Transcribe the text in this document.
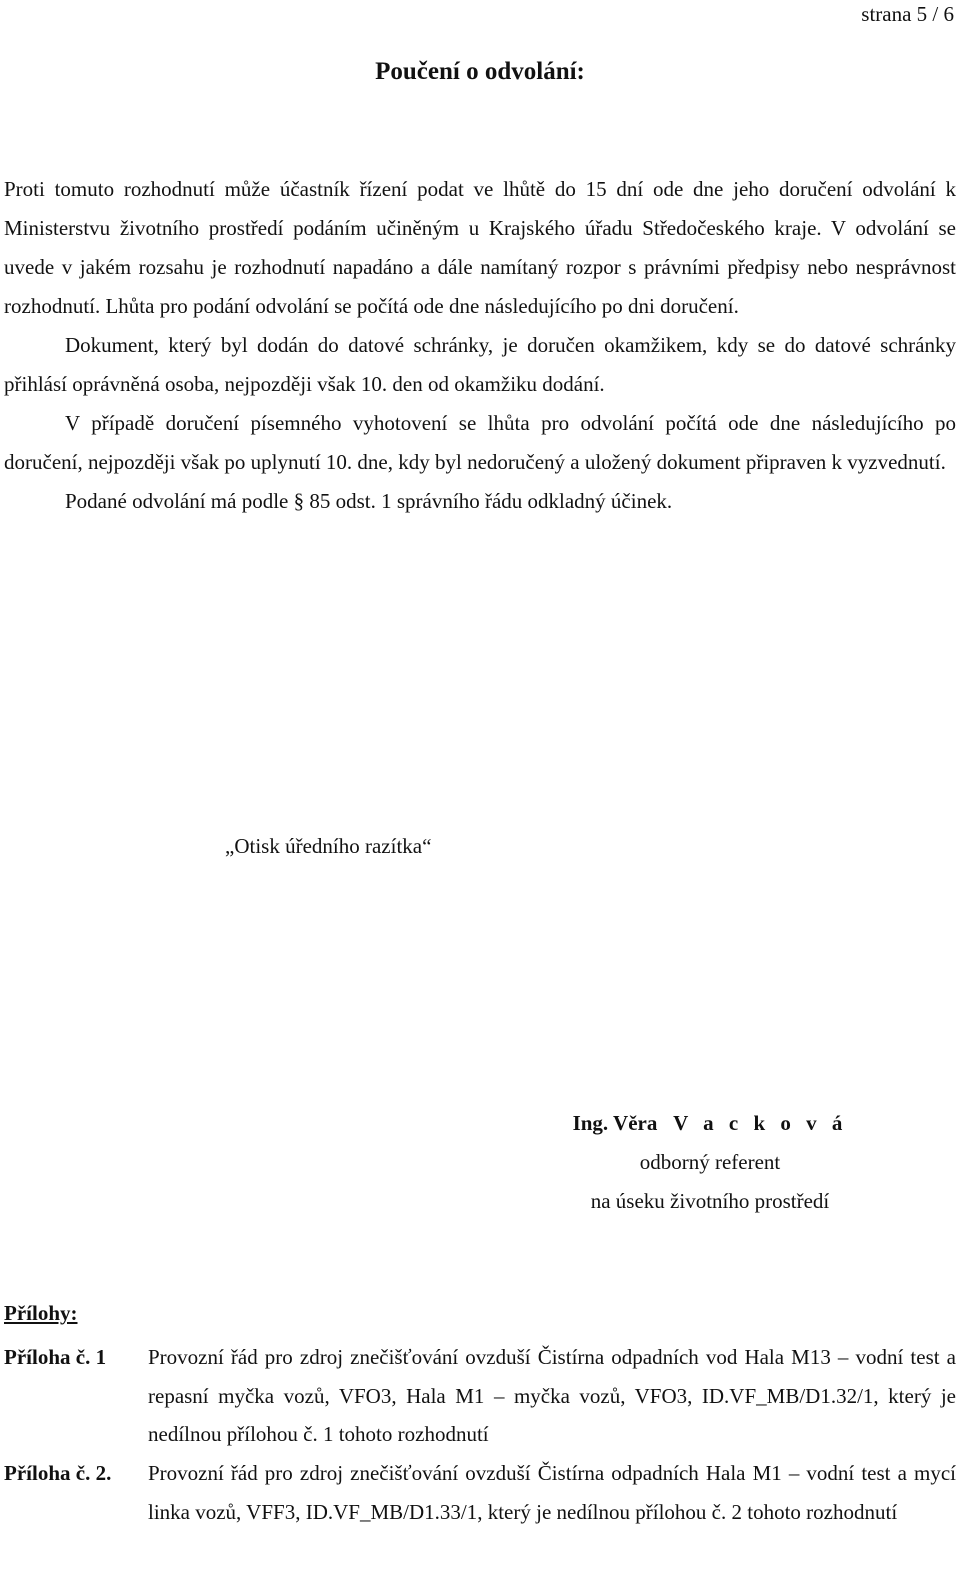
strana 5 / 6
Poučení o odvolání:

Proti tomuto rozhodnutí může účastník řízení podat ve lhůtě do 15 dní ode dne jeho doručení odvolání k Ministerstvu životního prostředí podáním učiněným u Krajského úřadu Středočeského kraje. V odvolání se uvede v jakém rozsahu je rozhodnutí napadáno a dále namítaný rozpor s právními předpisy nebo nesprávnost rozhodnutí. Lhůta pro podání odvolání se počítá ode dne následujícího po dni doručení.

Dokument, který byl dodán do datové schránky, je doručen okamžikem, kdy se do datové schránky přihlásí oprávněná osoba, nejpozději však 10. den od okamžiku dodání.

V případě doručení písemného vyhotovení se lhůta pro odvolání počítá ode dne následujícího po doručení, nejpozději však po uplynutí 10. dne, kdy byl nedoručený a uložený dokument připraven k vyzvednutí.

Podané odvolání má podle § 85 odst. 1 správního řádu odkladný účinek.

„Otisk úředního razítka“
Ing. Věra V a c k o v á
odborný referent
na úseku životního prostředí
Přílohy:
Příloha č. 1 Provozní řád pro zdroj znečišťování ovzduší Čistírna odpadních vod Hala M13 – vodní test a repasní myčka vozů, VFO3, Hala M1 – myčka vozů, VFO3, ID.VF_MB/D1.32/1, který je nedílnou přílohou č. 1 tohoto rozhodnutí
Příloha č. 2. Provozní řád pro zdroj znečišťování ovzduší Čistírna odpadních Hala M1 – vodní test a mycí linka vozů, VFF3, ID.VF_MB/D1.33/1, který je nedílnou přílohou č. 2 tohoto rozhodnutí
